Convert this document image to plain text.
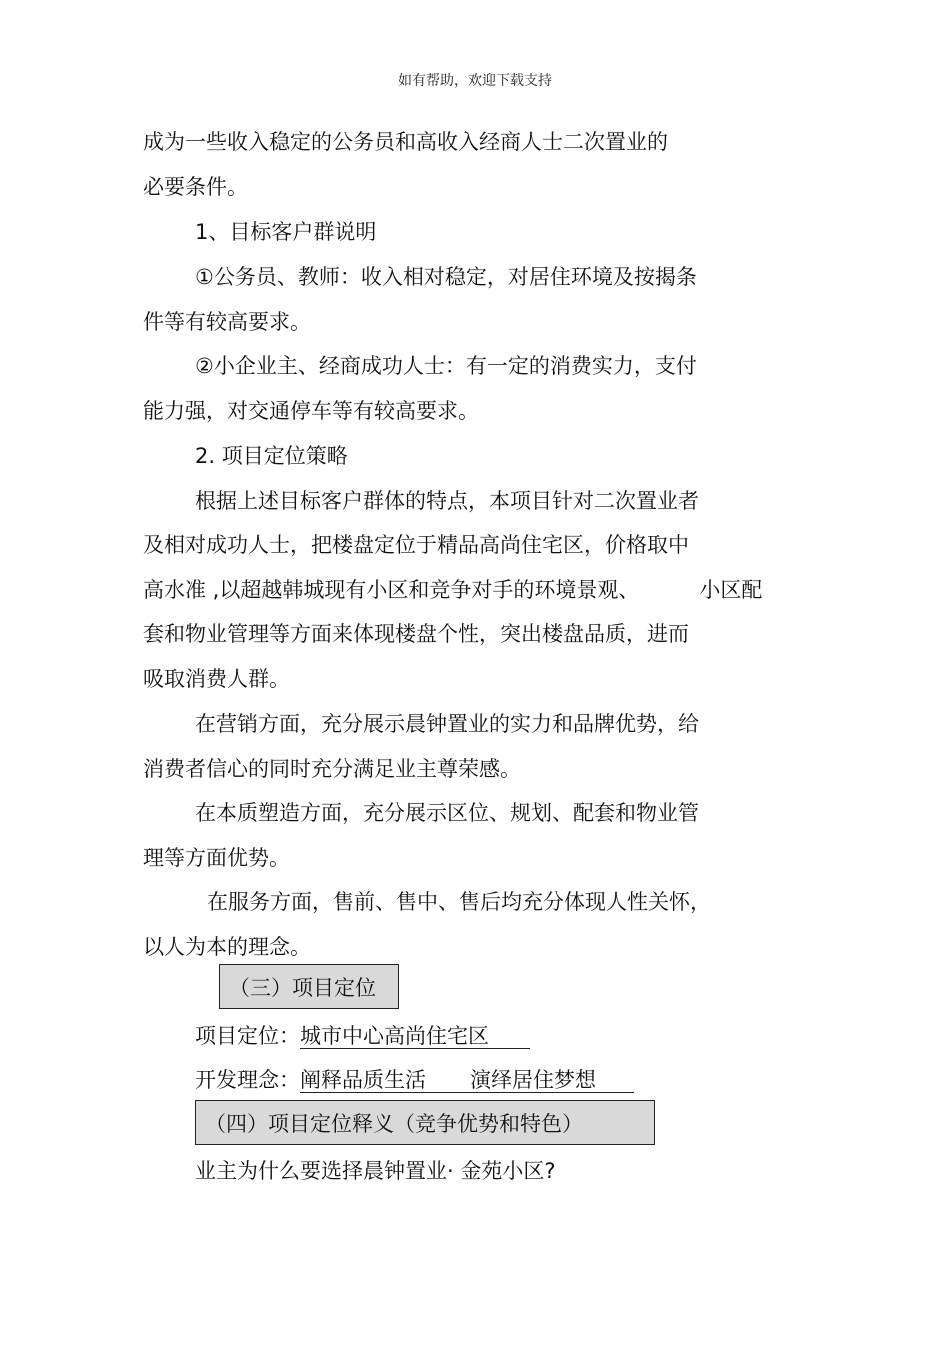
如有帮助，欢迎下载支持
成为一些收入稳定的公务员和高收入经商人士二次置业的
必要条件。
1、目标客户群说明
①公务员、教师：收入相对稳定，对居住环境及按揭条
件等有较高要求。
②小企业主、经商成功人士：有一定的消费实力，支付
能力强，对交通停车等有较高要求。
2. 项目定位策略
根据上述目标客户群体的特点，本项目针对二次置业者
及相对成功人士，把楼盘定位于精品高尚住宅区，价格取中
高水准 ,以超越韩城现有小区和竞争对手的环境景观、	小区配
套和物业管理等方面来体现楼盘个性，突出楼盘品质，进而
吸取消费人群。
在营销方面，充分展示晨钟置业的实力和品牌优势，给
消费者信心的同时充分满足业主尊荣感。
在本质塑造方面，充分展示区位、规划、配套和物业管
理等方面优势。
在服务方面，售前、售中、售后均充分体现人性关怀，
以人为本的理念。
（三）项目定位
项目定位：城市中心高尚住宅区
开发理念：阐释品质生活 演绎居住梦想
（四）项目定位释义（竞争优势和特色）
业主为什么要选择晨钟置业· 金苑小区?
